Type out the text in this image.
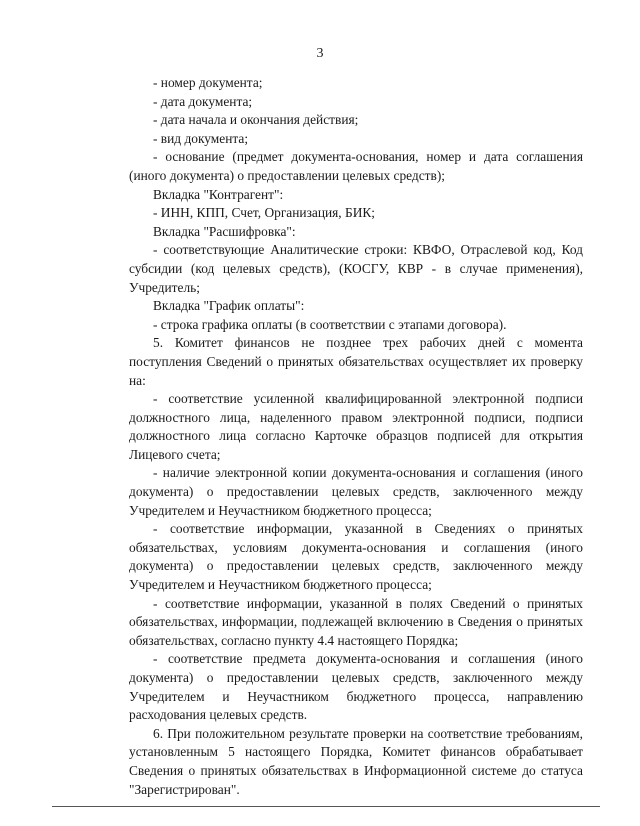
3

- номер документа;

- дата документа;

- дата начала и окончания действия;

- вид документа;

- основание (предмет документа-основания, номер и дата соглашения (иного документа) о предоставлении целевых средств);

Вкладка "Контрагент":

- ИНН, КПП, Счет, Организация, БИК;

Вкладка "Расшифровка":

- соответствующие Аналитические строки: КВФО, Отраслевой код, Код субсидии (код целевых средств), (КОСГУ, КВР - в случае применения), Учредитель;

Вкладка "График оплаты":

- строка графика оплаты (в соответствии с этапами договора).

5. Комитет финансов не позднее трех рабочих дней с момента поступления Сведений о принятых обязательствах осуществляет их проверку на:

- соответствие усиленной квалифицированной электронной подписи должностного лица, наделенного правом электронной подписи, подписи должностного лица согласно Карточке образцов подписей для открытия Лицевого счета;

- наличие электронной копии документа-основания и соглашения (иного документа) о предоставлении целевых средств, заключенного между Учредителем и Неучастником бюджетного процесса;

- соответствие информации, указанной в Сведениях о принятых обязательствах, условиям документа-основания и соглашения (иного документа) о предоставлении целевых средств, заключенного между Учредителем и Неучастником бюджетного процесса;

- соответствие информации, указанной в полях Сведений о принятых обязательствах, информации, подлежащей включению в Сведения о принятых обязательствах, согласно пункту 4.4 настоящего Порядка;

- соответствие предмета документа-основания и соглашения (иного документа) о предоставлении целевых средств, заключенного между Учредителем и Неучастником бюджетного процесса, направлению расходования целевых средств.

6. При положительном результате проверки на соответствие требованиям, установленным 5 настоящего Порядка, Комитет финансов обрабатывает Сведения о принятых обязательствах в Информационной системе до статуса "Зарегистрирован".
